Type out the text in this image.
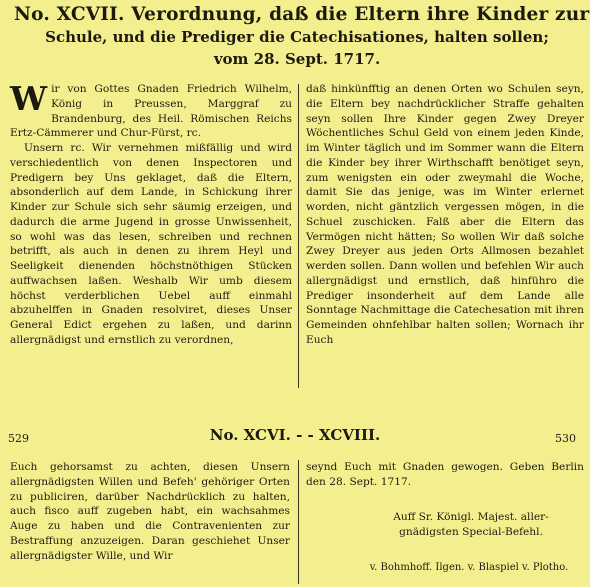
No. XCVII. Verordnung, daß die Eltern ihre Kinder zur
Schule, und die Prediger die Catechisationes, halten sollen;
vom 28. Sept. 1717.
W ir von Gottes Gnaden Friedrich Wilhelm, König in Preussen, Marggraf zu Brandenburg, des Heil. Römischen Reichs Ertz-Cämmerer und Chur-Fürst, rc.

Unsern rc. Wir vernehmen mißfällig und wird verschiedentlich von denen Inspectoren und Predigern bey Uns geklaget, daß die Eltern, absonderlich auf dem Lande, in Schickung ihrer Kinder zur Schule sich sehr säumig erzeigen, und dadurch die arme Jugend in grosse Unwissenheit, so wohl was das lesen, schreiben und rechnen betrifft, als auch in denen zu ihrem Heyl und Seeligkeit dienenden höchstnöthigen Stücken auffwachsen laßen. Weshalb Wir umb diesem höchst verderblichen Uebel auff einmahl abzuhelffen in Gnaden resolviret, dieses Unser General Edict ergehen zu laßen, und darinn allergnädigst und ernstlich zu verordnen,

daß hinkünfftig an denen Orten wo Schulen seyn, die Eltern bey nachdrücklicher Straffe gehalten seyn sollen Ihre Kinder gegen Zwey Dreyer Wöchentliches Schul Geld von einem jeden Kinde, im Winter täglich und im Sommer wann die Eltern die Kinder bey ihrer Wirthschafft benötiget seyn, zum wenigsten ein oder zweymahl die Woche, damit Sie das jenige, was im Winter erlernet worden, nicht gäntzlich vergessen mögen, in die Schuel zuschicken. Falß aber die Eltern das Vermögen nicht hätten; So wollen Wir daß solche Zwey Dreyer aus jeden Orts Allmosen bezahlet werden sollen. Dann wollen und befehlen Wir auch allergnädigst und ernstlich, daß hinführo die Prediger insonderheit auf dem Lande alle Sonntage Nachmittage die Catechesation mit ihren Gemeinden ohnfehlbar halten sollen; Wornach ihr Euch

529	No. XCVI. - - XCVIII.	530

Euch gehorsamst zu achten, diesen Unsern allergnädigsten Willen und Befeh' gehöriger Orten zu publiciren, darüber Nachdrücklich zu halten, auch fisco auff zugeben habt, ein wachsahmes Auge zu haben und die Contravenienten zur Bestraffung anzuzeigen. Daran geschiehet Unser allergnädigster Wille, und Wir

seynd Euch mit Gnaden gewogen. Geben Berlin den 28. Sept. 1717.

Auff Sr. Königl. Majest. aller-
gnädigsten Special-Befehl.
v. Bohmhoff. Ilgen. v. Blaspiel v. Plotho.
